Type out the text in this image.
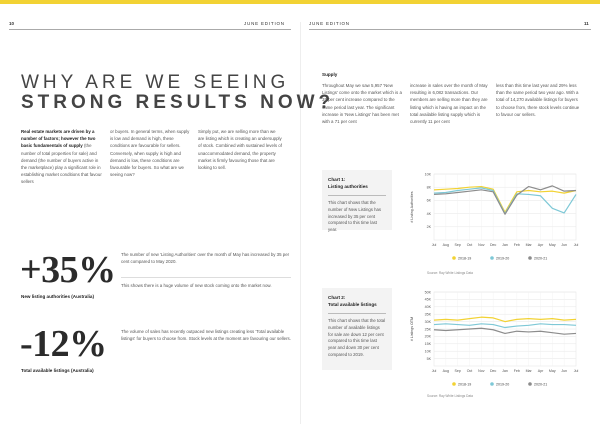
10	JUNE EDITION	JUNE EDITION	11
WHY ARE WE SEEING
STRONG RESULTS NOW?
Real estate markets are driven by a number of factors; however the two basic fundamentals of supply (the number of total properties for sale) and demand (the number of buyers active in the marketplace) play a significant role in establishing market conditions that favour sellers
or buyers. In general terms, when supply is low and demand is high, these conditions are favourable for sellers. Conversely, when supply is high and demand is low, these conditions are favourable for buyers. So what are we seeing now?
Simply put, we are selling more than we are listing which is creating an undersupply of stock. Combined with sustained levels of unaccommodated demand, the property market is firmly favouring those that are looking to sell.
+35%
New listing authorities (Australia)
The number of new 'Listing Authorities' over the month of May has increased by 35 per cent compared to May 2020.
This shows there is a huge volume of new stock coming onto the market now.
-12%
Total available listings (Australia)
The volume of sales has recently outpaced new listings creating less 'Total available listings' for buyers to choose from. Stock levels at the moment are favouring our sellers.
Supply
Throughout May we saw 5,957 'New Listings' come onto the market which is a 35 per cent increase compared to the same period last year. The significant increase in 'New Listings' has been met with a 71 per cent
increase in sales over the month of May resulting in 6,082 transactions. Our members are selling more than they are listing which is having an impact on the total available listing supply which is currently 11 per cent
less than this time last year and 29% less than the same period two year ago. With a total of 14,270 available listings for buyers to choose from, there stock levels continue to favour our sellers.
Chart 1:
Listing authorities
This chart shows that the number of New Listings has increased by 35 per cent compared to this time last year.
Chart 2:
Total available listings
This chart shows that the total number of available listings for sale are down 12 per cent compared to this time last year and down 30 per cent compared to 2019.
2K
4K
6K
8K
10K
Jul Aug Sep Oct Nov Dec Jan Feb Mar Apr May Jun Jul
# Listing Authorities
2018-19	2019-20	2020-21
Source: Ray White Listings Data
5K
10K
15K
20K
25K
30K
35K
40K
45K
50K
Jul Aug Sep Oct Nov Dec Jan Feb Mar Apr May Jun Jul
# Listings OTM
2018-19	2019-20	2020-21
Source: Ray White Listings Data
